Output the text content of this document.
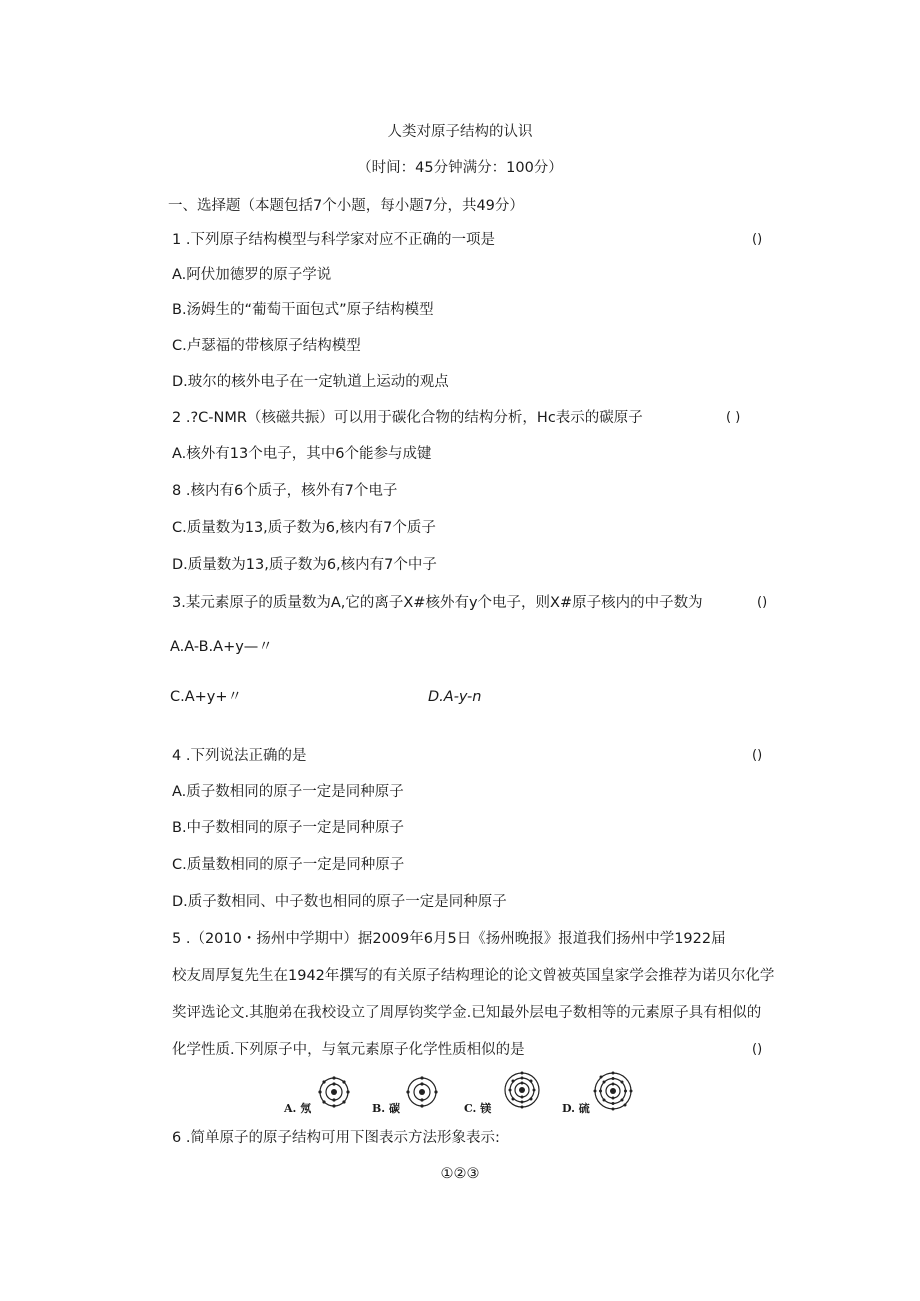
人类对原子结构的认识
（时间：45分钟满分：100分）
一、选择题（本题包括7个小题，每小题7分，共49分）
1 .下列原子结构模型与科学家对应不正确的一项是	()
A.阿伏加德罗的原子学说
B.汤姆生的“葡萄干面包式”原子结构模型
C.卢瑟福的带核原子结构模型
D.玻尔的核外电子在一定轨道上运动的观点
2 .?C-NMR（核磁共振）可以用于碳化合物的结构分析，Hc表示的碳原子	( )
A.核外有13个电子，其中6个能参与成键
8 .核内有6个质子，核外有7个电子
C.质量数为13,质子数为6,核内有7个质子
D.质量数为13,质子数为6,核内有7个中子
3.某元素原子的质量数为A,它的离子X#核外有y个电子，则X#原子核内的中子数为	()
A.A-B.A+y—〃
C.A+y+〃	D.A-y-n
4 .下列说法正确的是	()
A.质子数相同的原子一定是同种原子
B.中子数相同的原子一定是同种原子
C.质量数相同的原子一定是同种原子
D.质子数相同、中子数也相同的原子一定是同种原子
5 .（2010・扬州中学期中）据2009年6月5日《扬州晚报》报道我们扬州中学1922届
校友周厚复先生在1942年撰写的有关原子结构理论的论文曾被英国皇家学会推荐为诺贝尔化学
奖评选论文.其胞弟在我校设立了周厚钧奖学金.已知最外层电子数相等的元素原子具有相似的
化学性质.下列原子中，与氧元素原子化学性质相似的是	()
A. 氖	B. 碳	C. 镁	D. 硫
6 .简单原子的原子结构可用下图表示方法形象表示:
①②③
